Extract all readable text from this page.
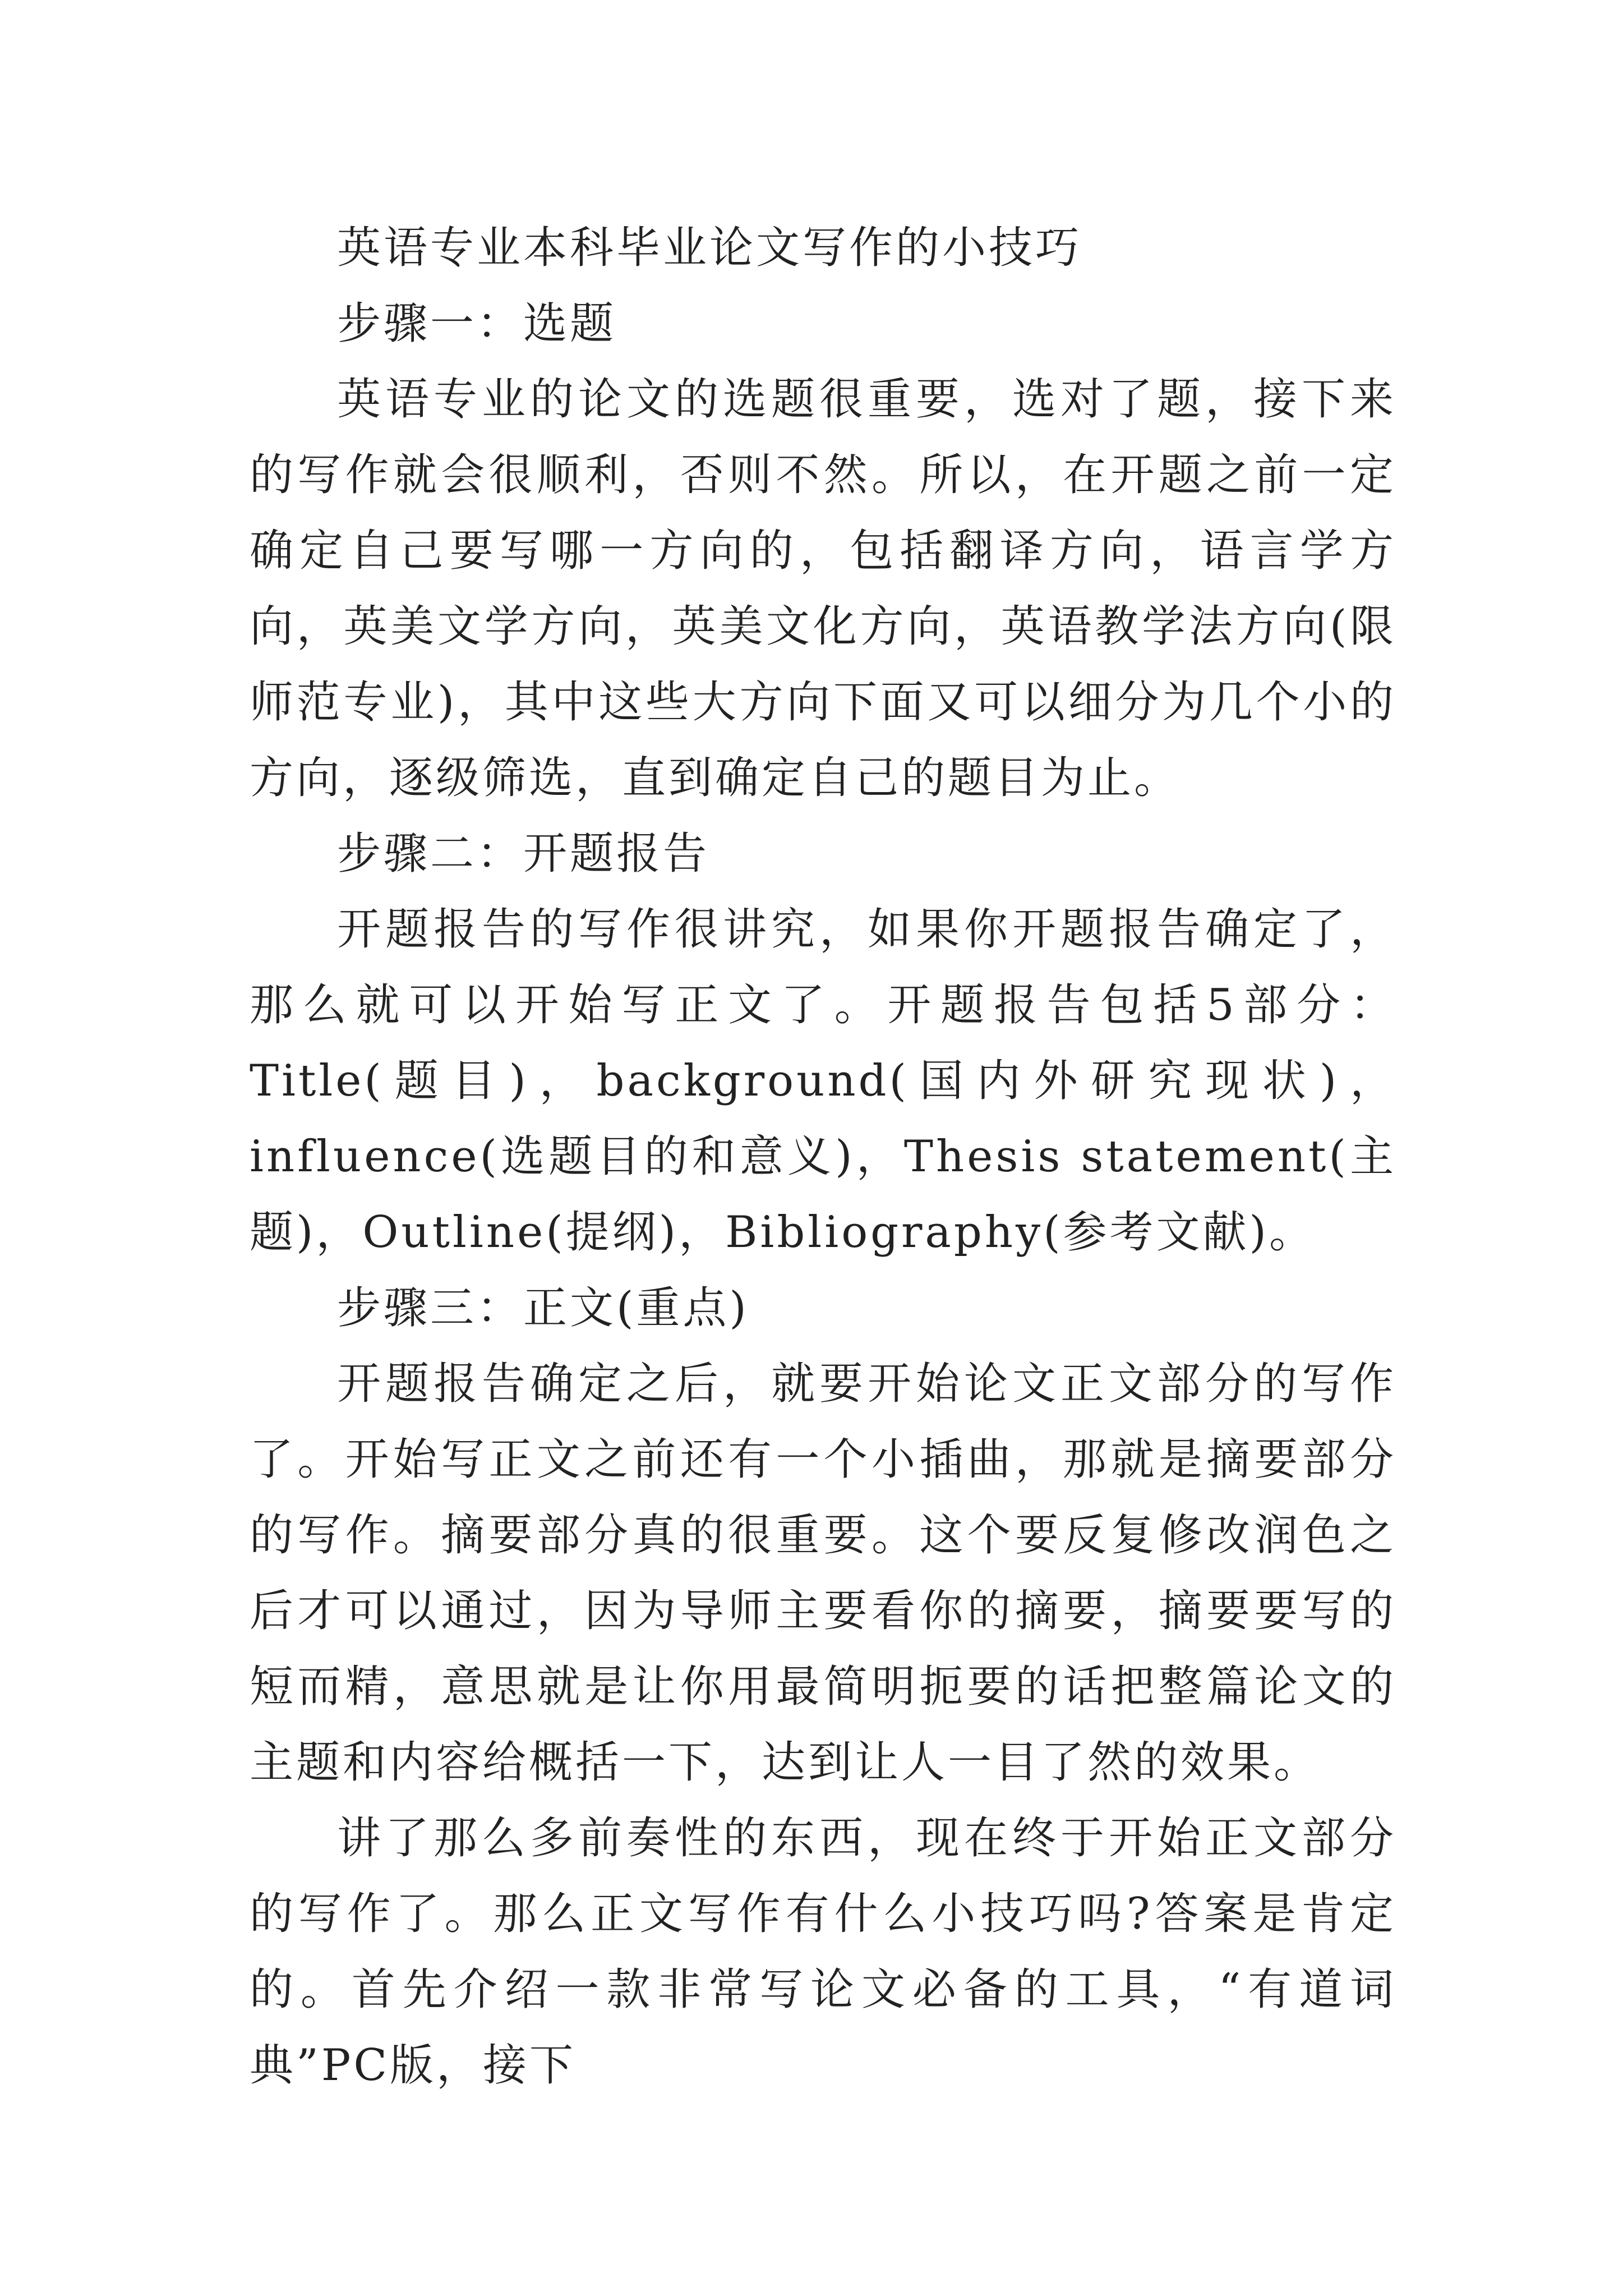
英语专业本科毕业论文写作的小技巧

步骤一：选题

英语专业的论文的选题很重要，选对了题，接下来的写作就会很顺利，否则不然。所以，在开题之前一定确定自己要写哪一方向的，包括翻译方向，语言学方向，英美文学方向，英美文化方向，英语教学法方向(限师范专业)，其中这些大方向下面又可以细分为几个小的方向，逐级筛选，直到确定自己的题目为止。

步骤二：开题报告

开题报告的写作很讲究，如果你开题报告确定了，那么就可以开始写正文了。开题报告包括5部分：Title(题目)，background(国内外研究现状)，influence(选题目的和意义)，Thesis statement(主题)，Outline(提纲)，Bibliography(参考文献)。

步骤三：正文(重点)

开题报告确定之后，就要开始论文正文部分的写作了。开始写正文之前还有一个小插曲，那就是摘要部分的写作。摘要部分真的很重要。这个要反复修改润色之后才可以通过，因为导师主要看你的摘要，摘要要写的短而精，意思就是让你用最简明扼要的话把整篇论文的主题和内容给概括一下，达到让人一目了然的效果。

讲了那么多前奏性的东西，现在终于开始正文部分的写作了。那么正文写作有什么小技巧吗?答案是肯定的。首先介绍一款非常写论文必备的工具，“有道词典”PC版，接下
